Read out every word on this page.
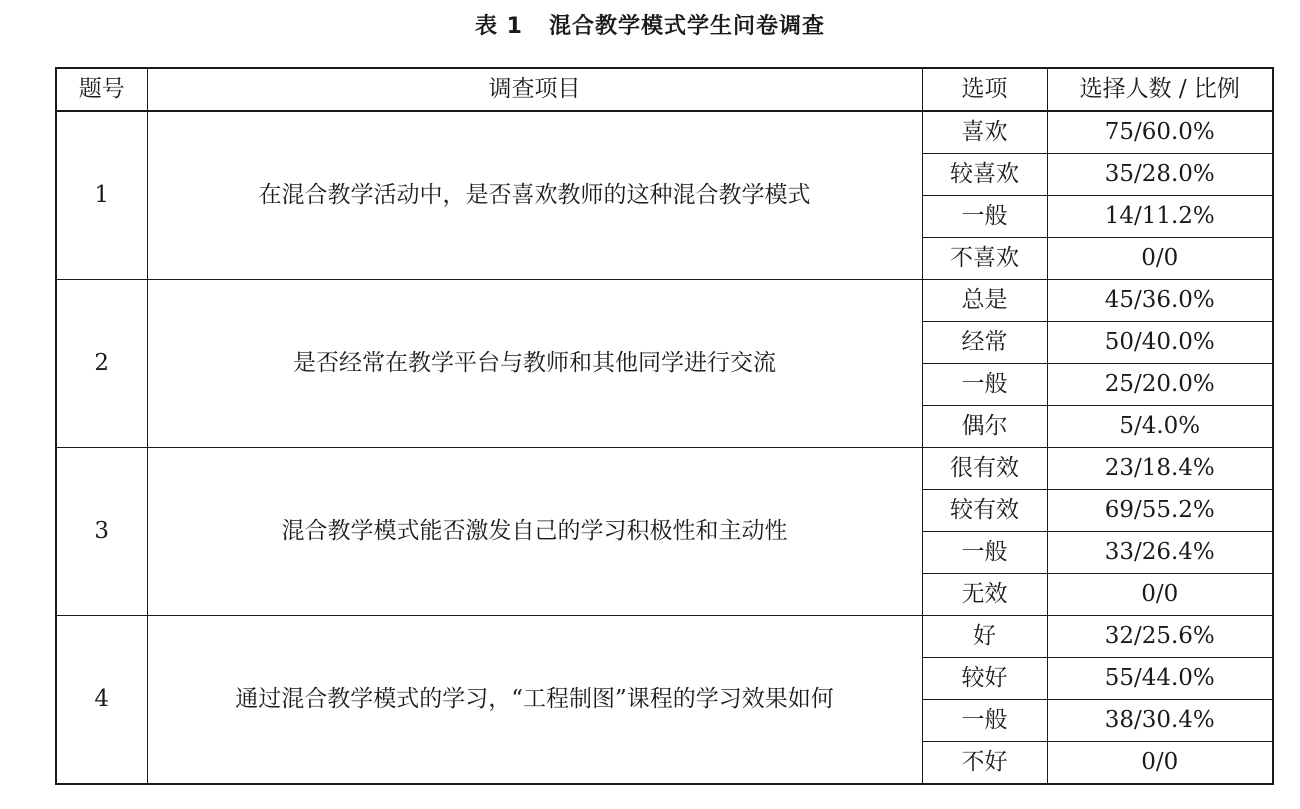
表 1 混合教学模式学生问卷调查
题号	调查项目	选项	选择人数 / 比例
1	在混合教学活动中，是否喜欢教师的这种混合教学模式	喜欢	75/60.0%
		较喜欢	35/28.0%
		一般	14/11.2%
		不喜欢	0/0
2	是否经常在教学平台与教师和其他同学进行交流	总是	45/36.0%
		经常	50/40.0%
		一般	25/20.0%
		偶尔	5/4.0%
3	混合教学模式能否激发自己的学习积极性和主动性	很有效	23/18.4%
		较有效	69/55.2%
		一般	33/26.4%
		无效	0/0
4	通过混合教学模式的学习，“工程制图”课程的学习效果如何	好	32/25.6%
		较好	55/44.0%
		一般	38/30.4%
		不好	0/0
